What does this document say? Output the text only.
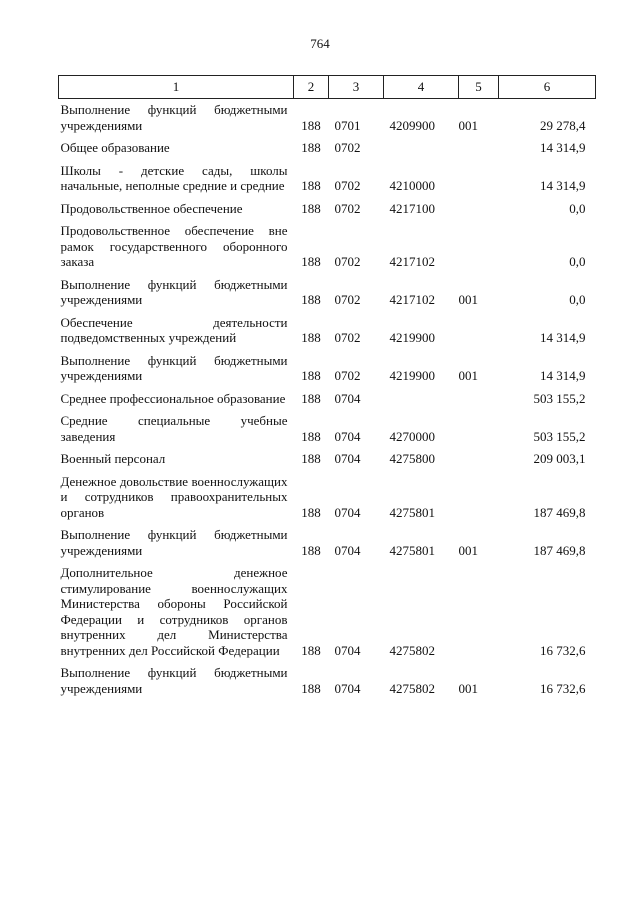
764
1	2	3	4	5	6
Выполнение функций бюджетными учреждениями	188	0701	4209900	001	29 278,4
Общее образование	188	0702			14 314,9
Школы - детские сады, школы начальные, неполные средние и средние	188	0702	4210000		14 314,9
Продовольственное обеспечение	188	0702	4217100		0,0
Продовольственное обеспечение вне рамок государственного оборонного заказа	188	0702	4217102		0,0
Выполнение функций бюджетными учреждениями	188	0702	4217102	001	0,0
Обеспечение деятельности подведомственных учреждений	188	0702	4219900		14 314,9
Выполнение функций бюджетными учреждениями	188	0702	4219900	001	14 314,9
Среднее профессиональное образование	188	0704			503 155,2
Средние специальные учебные заведения	188	0704	4270000		503 155,2
Военный персонал	188	0704	4275800		209 003,1
Денежное довольствие военнослужащих и сотрудников правоохранительных органов	188	0704	4275801		187 469,8
Выполнение функций бюджетными учреждениями	188	0704	4275801	001	187 469,8
Дополнительное денежное стимулирование военнослужащих Министерства обороны Российской Федерации и сотрудников органов внутренних дел Министерства внутренних дел Российской Федерации	188	0704	4275802		16 732,6
Выполнение функций бюджетными учреждениями	188	0704	4275802	001	16 732,6
